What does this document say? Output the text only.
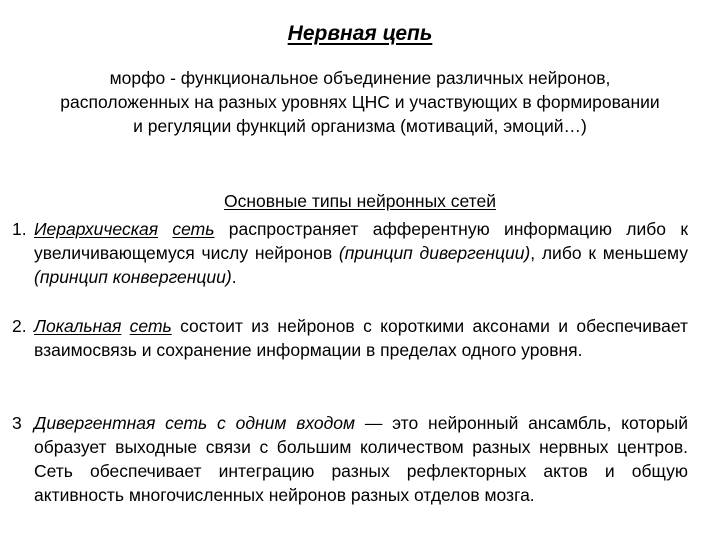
Нервная цепь
морфо - функциональное объединение различных нейронов, расположенных на разных уровнях ЦНС и участвующих в формировании и регуляции функций организма (мотиваций, эмоций…)
Основные типы нейронных сетей
1. Иерархическая сеть распространяет афферентную информацию либо к увеличивающемуся числу нейронов (принцип дивергенции), либо к меньшему (принцип конвергенции).
2. Локальная сеть состоит из нейронов с короткими аксонами и обеспечивает взаимосвязь и сохранение информации в пределах одного уровня.
3 Дивергентная сеть с одним входом — это нейронный ансамбль, который образует выходные связи с большим количеством разных нервных центров. Сеть обеспечивает интеграцию разных рефлекторных актов и общую активность многочисленных нейронов разных отделов мозга.
